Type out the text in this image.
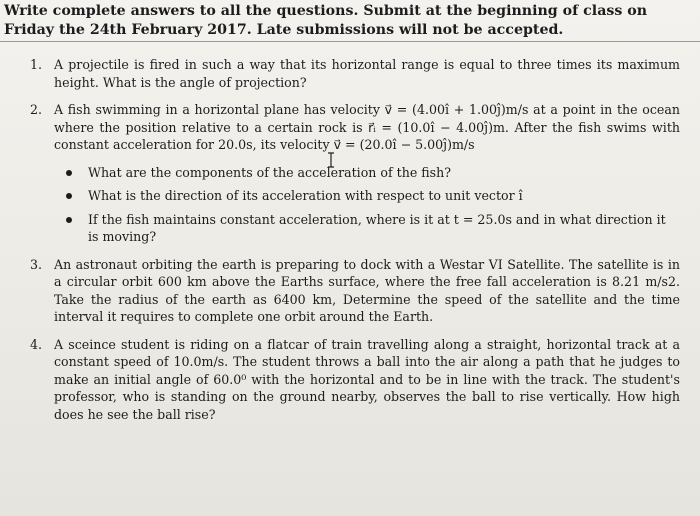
Write complete answers to all the questions. Submit at the beginning of class on
Friday the 24th February 2017. Late submissions will not be accepted.
1. A projectile is fired in such a way that its horizontal range is equal to three times its maximum height. What is the angle of projection?
2. A fish swimming in a horizontal plane has velocity v⃗ = (4.00î + 1.00ĵ)m/s at a point in the ocean where the position relative to a certain rock is r⃗ᵢ = (10.0î − 4.00ĵ)m. After the fish swims with constant acceleration for 20.0s, its velocity v⃗ = (20.0î − 5.00ĵ)m/s
What are the components of the acceleration of the fish?
What is the direction of its acceleration with respect to unit vector î
If the fish maintains constant acceleration, where is it at t = 25.0s and in what direction it is moving?
3. An astronaut orbiting the earth is preparing to dock with a Westar VI Satellite. The satellite is in a circular orbit 600 km above the Earths surface, where the free fall acceleration is 8.21 m/s2. Take the radius of the earth as 6400 km, Determine the speed of the satellite and the time interval it requires to complete one orbit around the Earth.
4. A sceince student is riding on a flatcar of train travelling along a straight, horizontal track at a constant speed of 10.0m/s. The student throws a ball into the air along a path that he judges to make an initial angle of 60.0⁰ with the horizontal and to be in line with the track. The student's professor, who is standing on the ground nearby, observes the ball to rise vertically. How high does he see the ball rise?
